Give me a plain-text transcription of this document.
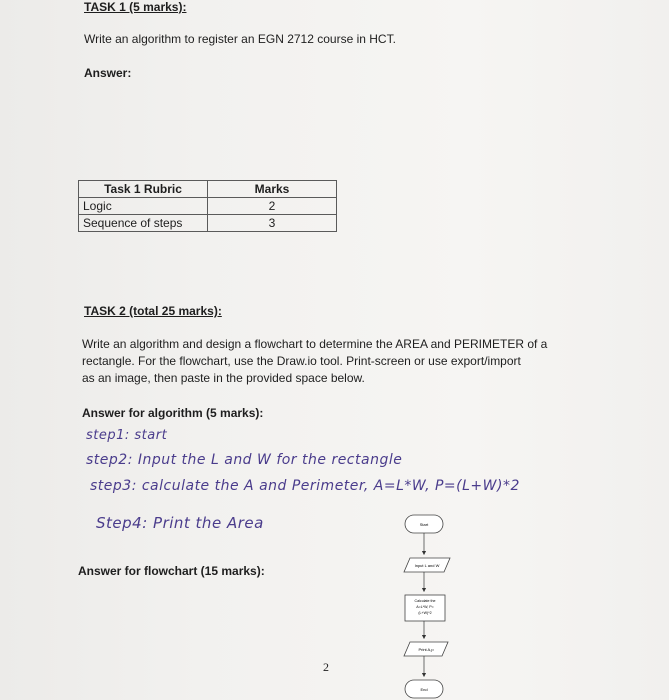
TASK 1 (5 marks):
Write an algorithm to register an EGN 2712 course in HCT.
Answer:
Task 1 Rubric	Marks
Logic	2
Sequence of steps	3
TASK 2 (total 25 marks):
Write an algorithm and design a flowchart to determine the AREA and PERIMETER of a
rectangle. For the flowchart, use the Draw.io tool. Print-screen or use export/import
as an image, then paste in the provided space below.
Answer for algorithm (5 marks):
step1: start
step2: Input the L and W for the rectangle
step3: calculate the A and Perimeter, A=L*W, P=(L+W)*2
Step4: Print the Area
Answer for flowchart (15 marks):
Start
Input L and W
Calculate the
A=L*W, P=
(L+W)*2
Print A,p
End
2
